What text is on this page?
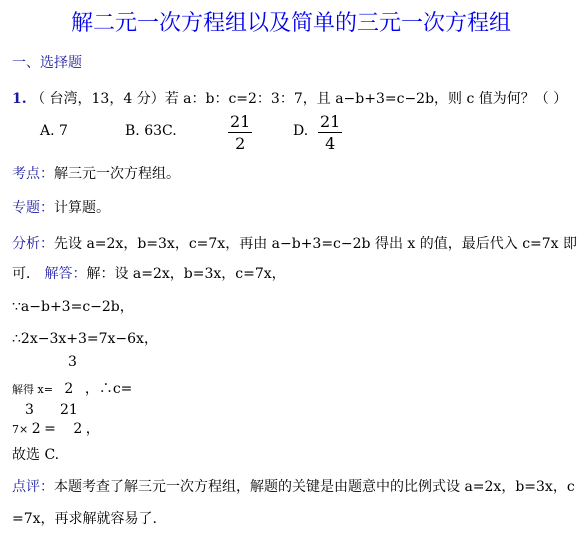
解二元一次方程组以及简单的三元一次方程组
一、选择题
1. （ 台湾，13，4 分）若 a：b：c=2：3：7，且 a−b+3=c−2b，则 c 值为何？（ ）
A. 7	B. 63C.	21
2
D. 21
4
考点：解三元一次方程组。
专题：计算题。
分析：先设 a=2x，b=3x，c=7x，再由 a−b+3=c−2b 得出 x 的值，最后代入 c=7x 即
可． 解答：解：设 a=2x，b=3x，c=7x，
∵a−b+3=c−2b，
∴2x−3x+3=7x−6x，
3
解得 x= 2 ，∴c=
3 21
7× 2 = 2 ，
故选 C.
点评：本题考查了解三元一次方程组，解题的关键是由题意中的比例式设 a=2x，b=3x，c
=7x，再求解就容易了.
